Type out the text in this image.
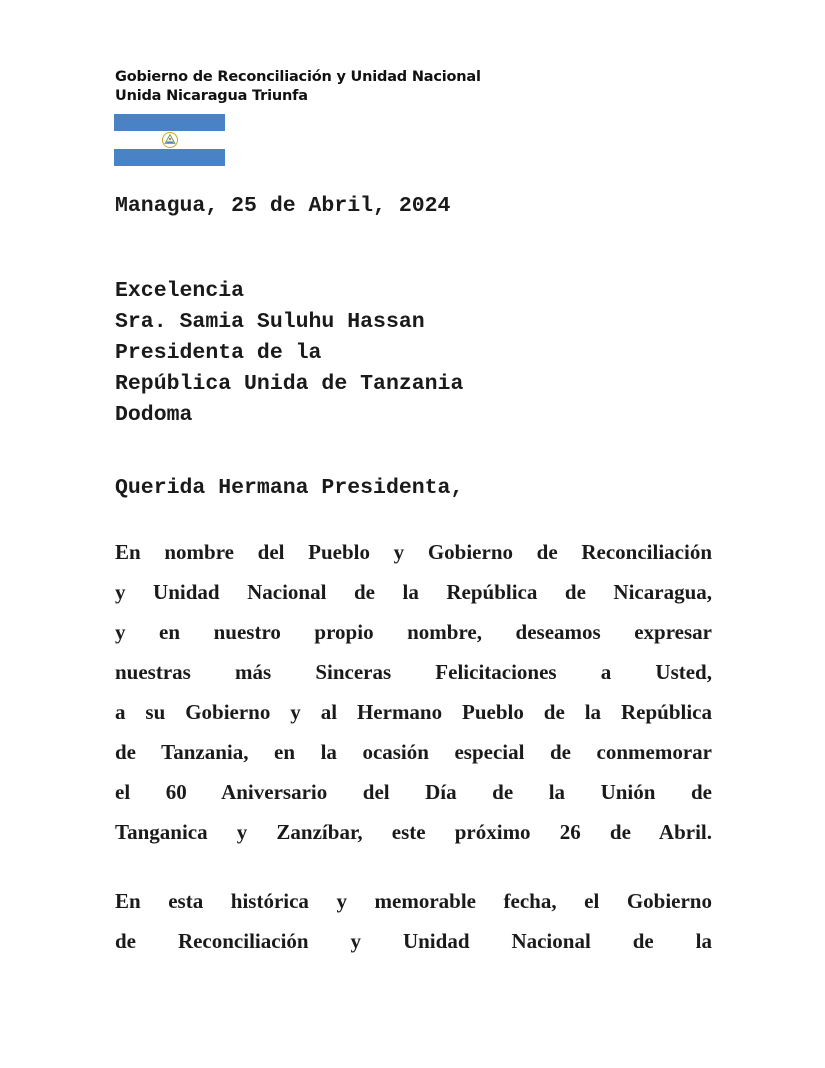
Gobierno de Reconciliación y Unidad Nacional
Unida Nicaragua Triunfa
Managua, 25 de Abril, 2024
Excelencia
Sra. Samia Suluhu Hassan
Presidenta de la
República Unida de Tanzania
Dodoma
Querida Hermana Presidenta,
En nombre del Pueblo y Gobierno de Reconciliación
y Unidad Nacional de la República de Nicaragua,
y en nuestro propio nombre, deseamos expresar
nuestras más Sinceras Felicitaciones a Usted,
a su Gobierno y al Hermano Pueblo de la República
de Tanzania, en la ocasión especial de conmemorar
el 60 Aniversario del Día de la Unión de
Tanganica y Zanzíbar, este próximo 26 de Abril.
En esta histórica y memorable fecha, el Gobierno
de Reconciliación y Unidad Nacional de la
